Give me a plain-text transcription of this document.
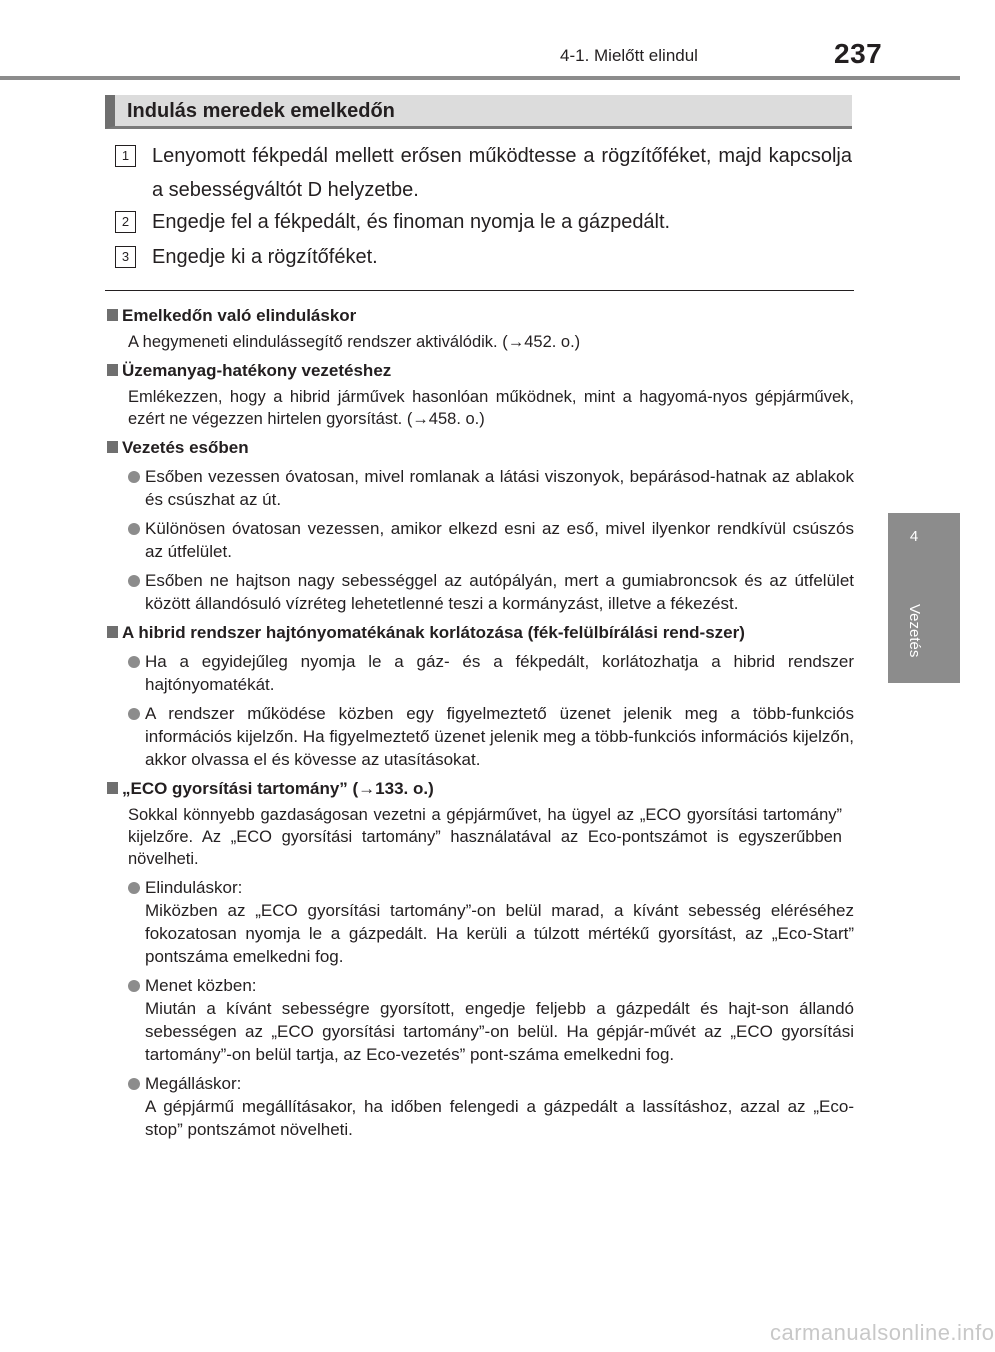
4-1. Mielőtt elindul	237
4
Vezetés
Indulás meredek emelkedőn
1	Lenyomott fékpedál mellett erősen működtesse a rögzítőféket, majd kapcsolja a sebességváltót D helyzetbe.
2	Engedje fel a fékpedált, és finoman nyomja le a gázpedált.
3	Engedje ki a rögzítőféket.
Emelkedőn való elinduláskor
A hegymeneti elindulássegítő rendszer aktiválódik. (→452. o.)
Üzemanyag-hatékony vezetéshez
Emlékezzen, hogy a hibrid járművek hasonlóan működnek, mint a hagyomá-nyos gépjárművek, ezért ne végezzen hirtelen gyorsítást. (→458. o.)
Vezetés esőben
Esőben vezessen óvatosan, mivel romlanak a látási viszonyok, bepárásod-hatnak az ablakok és csúszhat az út.
Különösen óvatosan vezessen, amikor elkezd esni az eső, mivel ilyenkor rendkívül csúszós az útfelület.
Esőben ne hajtson nagy sebességgel az autópályán, mert a gumiabroncsok és az útfelület között állandósuló vízréteg lehetetlenné teszi a kormányzást, illetve a fékezést.
A hibrid rendszer hajtónyomatékának korlátozása (fék-felülbírálási rend-szer)
Ha a egyidejűleg nyomja le a gáz- és a fékpedált, korlátozhatja a hibrid rendszer hajtónyomatékát.
A rendszer működése közben egy figyelmeztető üzenet jelenik meg a több-funkciós információs kijelzőn. Ha figyelmeztető üzenet jelenik meg a több-funkciós információs kijelzőn, akkor olvassa el és kövesse az utasításokat.
„ECO gyorsítási tartomány” (→133. o.)
Sokkal könnyebb gazdaságosan vezetni a gépjárművet, ha ügyel az „ECO gyorsítási tartomány” kijelzőre. Az „ECO gyorsítási tartomány” használatával az Eco-pontszámot is egyszerűbben növelheti.
Elinduláskor:
Miközben az „ECO gyorsítási tartomány”-on belül marad, a kívánt sebesség eléréséhez fokozatosan nyomja le a gázpedált. Ha kerüli a túlzott mértékű gyorsítást, az „Eco-Start” pontszáma emelkedni fog.
Menet közben:
Miután a kívánt sebességre gyorsított, engedje feljebb a gázpedált és hajt-son állandó sebességen az „ECO gyorsítási tartomány”-on belül. Ha gépjár-művét az „ECO gyorsítási tartomány”-on belül tartja, az Eco-vezetés” pont-száma emelkedni fog.
Megálláskor:
A gépjármű megállításakor, ha időben felengedi a gázpedált a lassításhoz, azzal az „Eco-stop” pontszámot növelheti.
carmanualsonline.info
